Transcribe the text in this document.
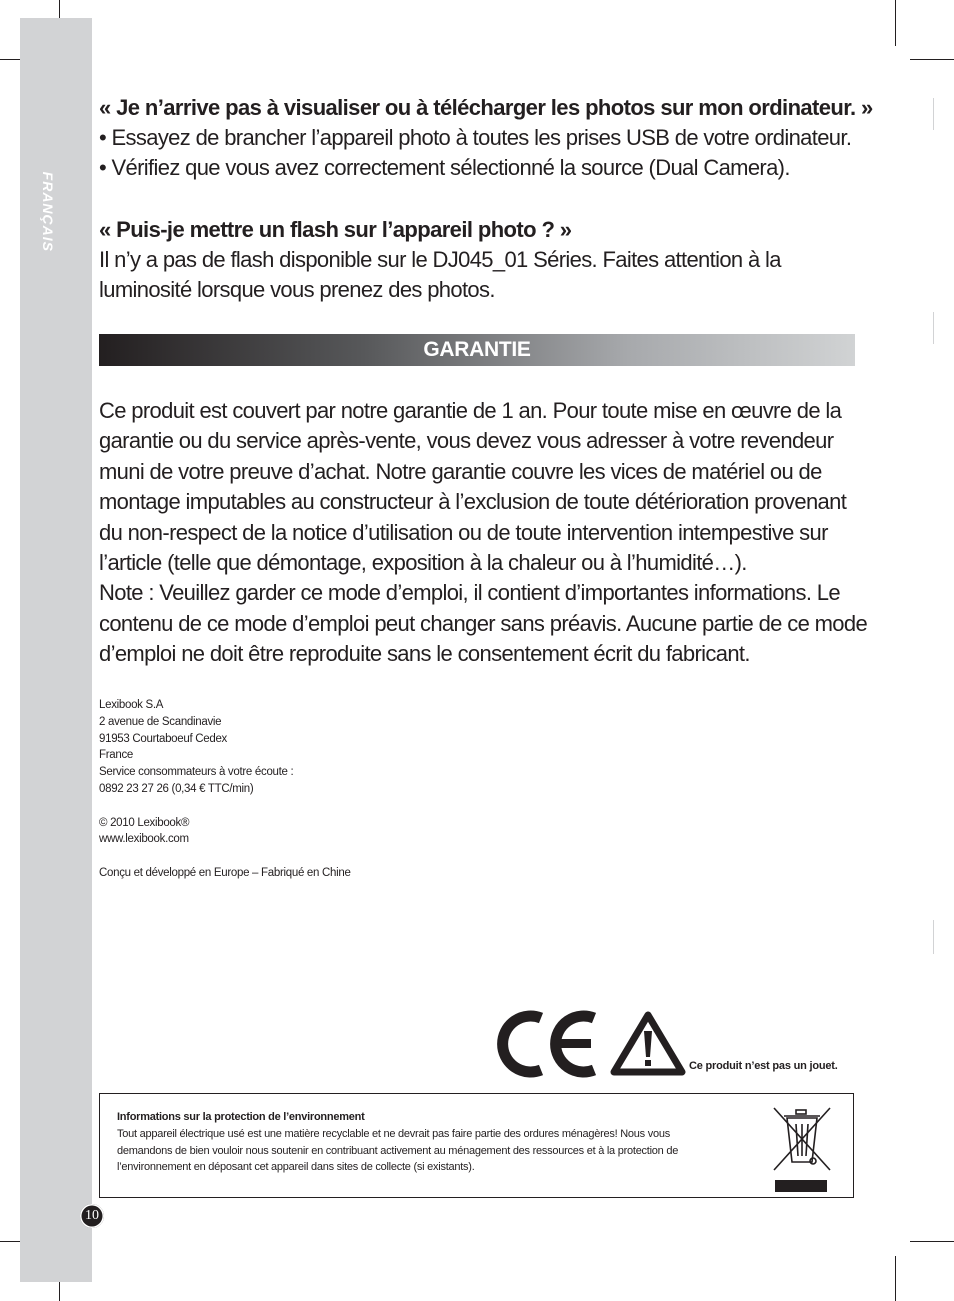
FRANÇAIS
« Je n’arrive pas à visualiser ou à télécharger les photos sur mon ordinateur. »
• Essayez de brancher l’appareil photo à toutes les prises USB de votre ordinateur.
• Vérifiez que vous avez correctement sélectionné la source (Dual Camera).
« Puis-je mettre un flash sur l’appareil photo ? »
Il n’y a pas de flash disponible sur le DJ045_01 Séries. Faites attention à la
luminosité lorsque vous prenez des photos.
GARANTIE
Ce produit est couvert par notre garantie de 1 an. Pour toute mise en œuvre de la
garantie ou du service après-vente, vous devez vous adresser à votre revendeur
muni de votre preuve d’achat. Notre garantie couvre les vices de matériel ou de
montage imputables au constructeur à l’exclusion de toute détérioration provenant
du non-respect de la notice d’utilisation ou de toute intervention intempestive sur
l’article (telle que démontage, exposition à la chaleur ou à l’humidité…).
Note : Veuillez garder ce mode d’emploi, il contient d’importantes informations. Le
contenu de ce mode d’emploi peut changer sans préavis. Aucune partie de ce mode
d’emploi ne doit être reproduite sans le consentement écrit du fabricant.
Lexibook S.A
2 avenue de Scandinavie
91953 Courtaboeuf Cedex
France
Service consommateurs à votre écoute :
0892 23 27 26 (0,34 € TTC/min)
© 2010 Lexibook®
www.lexibook.com
Conçu et développé en Europe – Fabriqué en Chine
Ce produit n’est pas un jouet.
Informations sur la protection de l’environnement
Tout appareil électrique usé est une matière recyclable et ne devrait pas faire partie des ordures ménagères! Nous vous
demandons de bien vouloir nous soutenir en contribuant activement au ménagement des ressources et à la protection de
l’environnement en déposant cet appareil dans sites de collecte (si existants).
10
